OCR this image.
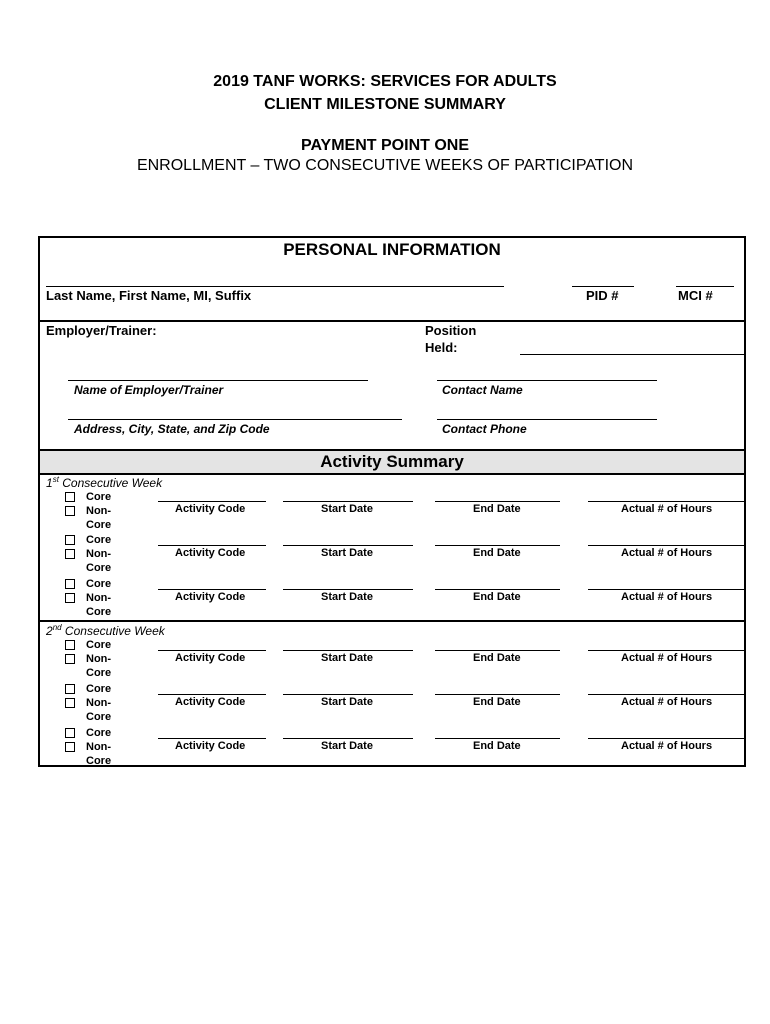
2019 TANF WORKS: SERVICES FOR ADULTS
CLIENT MILESTONE SUMMARY
PAYMENT POINT ONE
ENROLLMENT – TWO CONSECUTIVE WEEKS OF PARTICIPATION
PERSONAL INFORMATION
Last Name, First Name, MI, Suffix	PID #	MCI #
Employer/Trainer:	Position
Held:
Name of Employer/Trainer	Contact Name
Address, City, State, and Zip Code	Contact Phone
Activity Summary
1st Consecutive Week
Core
Non-
Core
Activity Code	Start Date	End Date	Actual # of Hours
Core
Non-
Core
Activity Code	Start Date	End Date	Actual # of Hours
Core
Non-
Core
Activity Code	Start Date	End Date	Actual # of Hours
2nd Consecutive Week
Core
Non-
Core
Activity Code	Start Date	End Date	Actual # of Hours
Core
Non-
Core
Activity Code	Start Date	End Date	Actual # of Hours
Core
Non-
Core
Activity Code	Start Date	End Date	Actual # of Hours
